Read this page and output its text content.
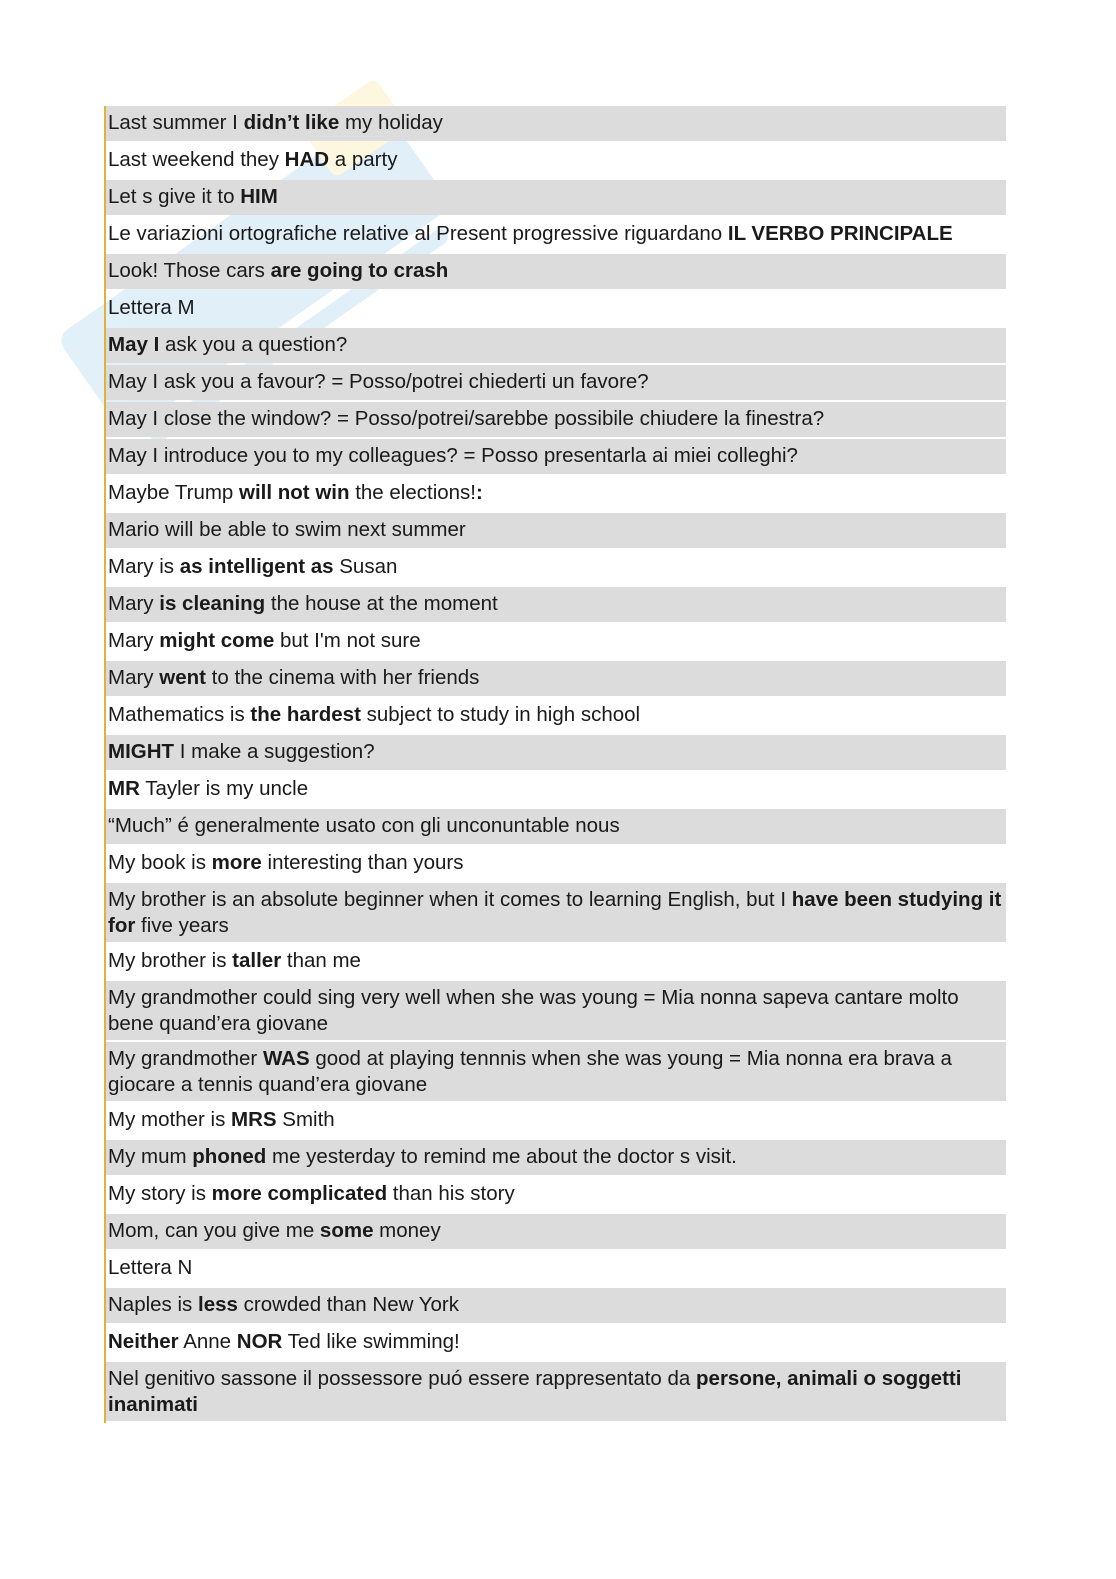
Last summer I didn’t like my holiday
Last weekend they HAD a party
Let s give it to HIM
Le variazioni ortografiche relative al Present progressive riguardano IL VERBO PRINCIPALE
Look! Those cars are going to crash
Lettera M
May I ask you a question?
May I ask you a favour? = Posso/potrei chiederti un favore?
May I close the window? = Posso/potrei/sarebbe possibile chiudere la finestra?
May I introduce you to my colleagues? = Posso presentarla ai miei colleghi?
Maybe Trump will not win the elections!:
Mario will be able to swim next summer
Mary is as intelligent as Susan
Mary is cleaning the house at the moment
Mary might come but I'm not sure
Mary went to the cinema with her friends
Mathematics is the hardest subject to study in high school
MIGHT I make a suggestion?
MR Tayler is my uncle
“Much” é generalmente usato con gli unconuntable nous
My book is more interesting than yours
My brother is an absolute beginner when it comes to learning English, but I have been studying it for five years
My brother is taller than me
My grandmother could sing very well when she was young = Mia nonna sapeva cantare molto bene quand’era giovane
My grandmother WAS good at playing tennnis when she was young = Mia nonna era brava a giocare a tennis quand’era giovane
My mother is MRS Smith
My mum phoned me yesterday to remind me about the doctor s visit.
My story is more complicated than his story
Mom, can you give me some money
Lettera N
Naples is less crowded than New York
Neither Anne NOR Ted like swimming!
Nel genitivo sassone il possessore puó essere rappresentato da persone, animali o soggetti inanimati
